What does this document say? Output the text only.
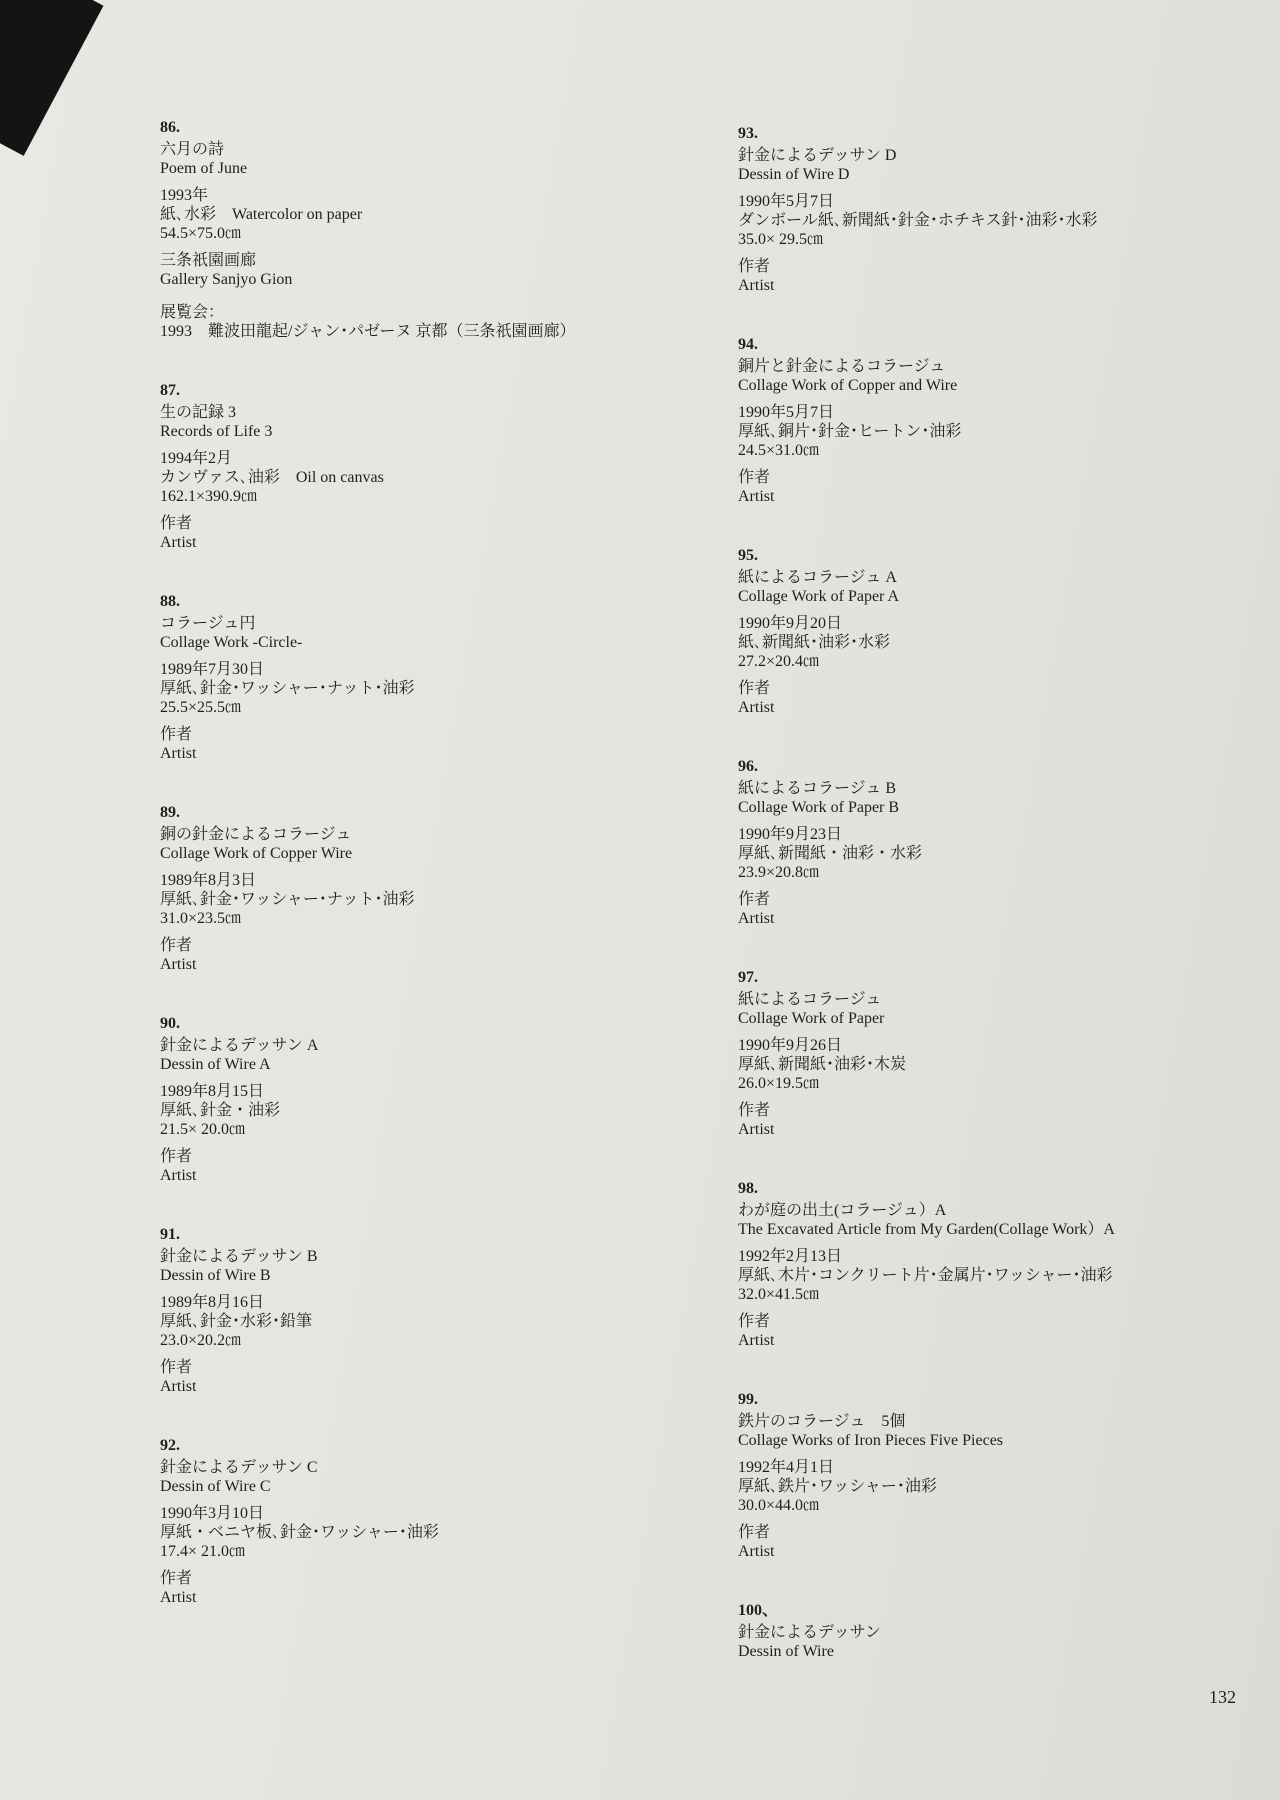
86.
六月の詩
Poem of June
1993年
紙､水彩　Watercolor on paper
54.5×75.0㎝
三条祇園画廊
Gallery Sanjyo Gion
展覧会：
1993　難波田龍起/ジャン･パゼーヌ 京都（三条祇園画廊）
87.
生の記録 3
Records of Life 3
1994年2月
カンヴァス､油彩　Oil on canvas
162.1×390.9㎝
作者
Artist
88.
コラージュ円
Collage Work -Circle-
1989年7月30日
厚紙､針金･ワッシャー･ナット･油彩
25.5×25.5㎝
作者
Artist
89.
銅の針金によるコラージュ
Collage Work of Copper Wire
1989年8月3日
厚紙､針金･ワッシャー･ナット･油彩
31.0×23.5㎝
作者
Artist
90.
針金によるデッサン A
Dessin of Wire A
1989年8月15日
厚紙､針金・油彩
21.5× 20.0㎝
作者
Artist
91.
針金によるデッサン B
Dessin of Wire B
1989年8月16日
厚紙､針金･水彩･鉛筆
23.0×20.2㎝
作者
Artist
92.
針金によるデッサン C
Dessin of Wire C
1990年3月10日
厚紙・ベニヤ板､針金･ワッシャー･油彩
17.4× 21.0㎝
作者
Artist
93.
針金によるデッサン D
Dessin of Wire D
1990年5月7日
ダンボール紙､新聞紙･針金･ホチキス針･油彩･水彩
35.0× 29.5㎝
作者
Artist
94.
銅片と針金によるコラージュ
Collage Work of Copper and Wire
1990年5月7日
厚紙､銅片･針金･ヒートン･油彩
24.5×31.0㎝
作者
Artist
95.
紙によるコラージュ A
Collage Work of Paper A
1990年9月20日
紙､新聞紙･油彩･水彩
27.2×20.4㎝
作者
Artist
96.
紙によるコラージュ B
Collage Work of Paper B
1990年9月23日
厚紙､新聞紙・油彩・水彩
23.9×20.8㎝
作者
Artist
97.
紙によるコラージュ
Collage Work of Paper
1990年9月26日
厚紙､新聞紙･油彩･木炭
26.0×19.5㎝
作者
Artist
98.
わが庭の出土(コラージュ）A
The Excavated Article from My Garden(Collage Work）A
1992年2月13日
厚紙､木片･コンクリート片･金属片･ワッシャー･油彩
32.0×41.5㎝
作者
Artist
99.
鉄片のコラージュ　5個
Collage Works of Iron Pieces Five Pieces
1992年4月1日
厚紙､鉄片･ワッシャー･油彩
30.0×44.0㎝
作者
Artist
100、
針金によるデッサン
Dessin of Wire
132
